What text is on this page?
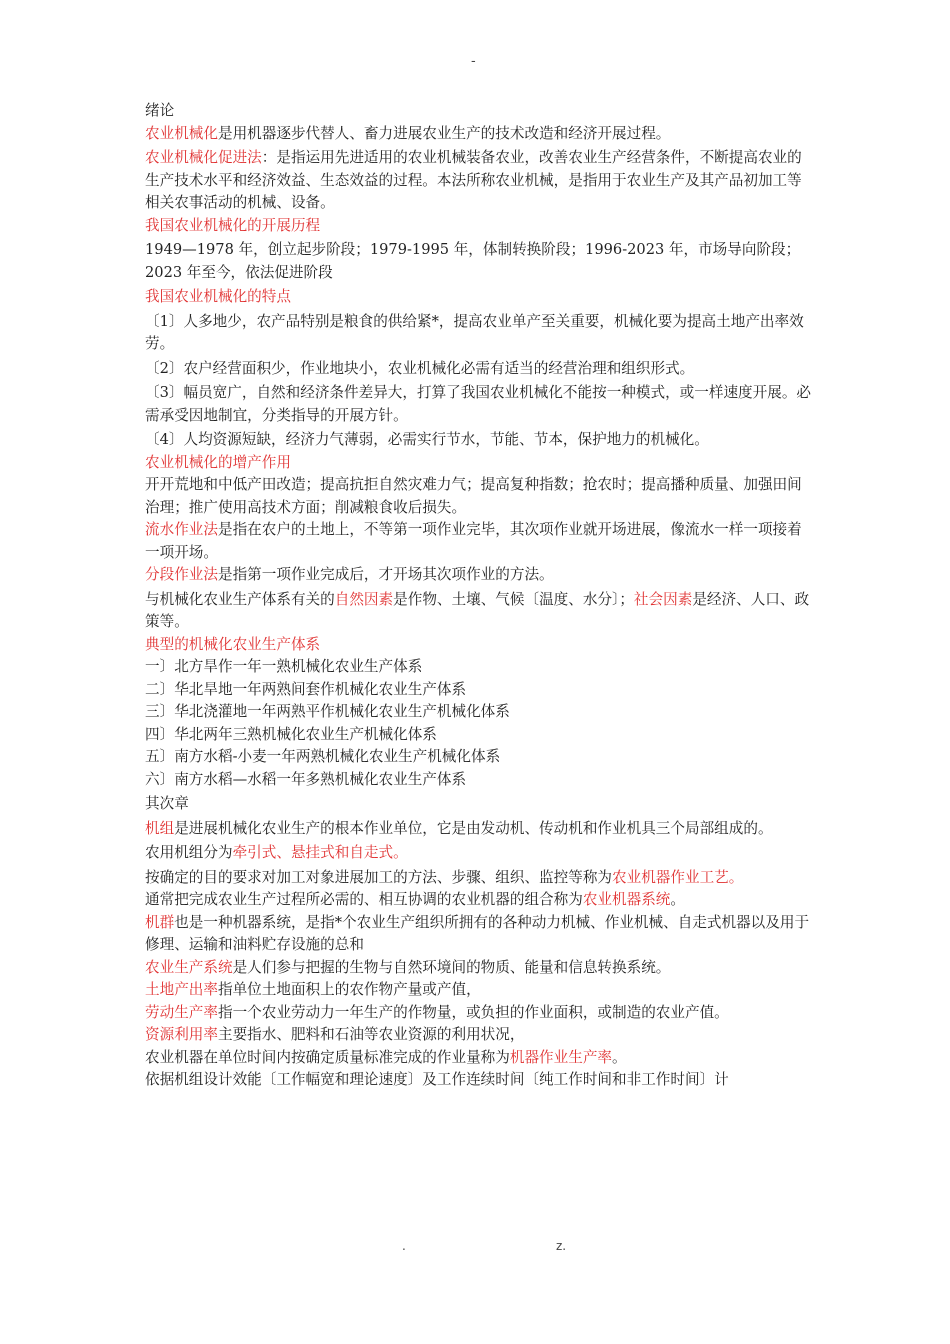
-

绪论

农业机械化是用机器逐步代替人、畜力进展农业生产的技术改造和经济开展过程。

农业机械化促进法：是指运用先进适用的农业机械装备农业，改善农业生产经营条件，不断提高农业的生产技术水平和经济效益、生态效益的过程。本法所称农业机械，是指用于农业生产及其产品初加工等相关农事活动的机械、设备。

我国农业机械化的开展历程

1949—1978 年，创立起步阶段；1979-1995 年，体制转换阶段；1996-2023 年，市场导向阶段；2023 年至今，依法促进阶段

我国农业机械化的特点

〔1〕人多地少，农产品特别是粮食的供给紧*，提高农业单产至关重要，机械化要为提高土地产出率效劳。

〔2〕农户经营面积少，作业地块小，农业机械化必需有适当的经营治理和组织形式。

〔3〕幅员宽广，自然和经济条件差异大，打算了我国农业机械化不能按一种模式，或一样速度开展。必需承受因地制宜，分类指导的开展方针。

〔4〕人均资源短缺，经济力气薄弱，必需实行节水，节能、节本，保护地力的机械化。

农业机械化的增产作用

开开荒地和中低产田改造；提高抗拒自然灾难力气；提高复种指数；抢农时；提高播种质量、加强田间治理；推广使用高技术方面；削减粮食收后损失。

流水作业法是指在农户的土地上，不等第一项作业完毕，其次项作业就开场进展，像流水一样一项接着一项开场。

分段作业法是指第一项作业完成后，才开场其次项作业的方法。

与机械化农业生产体系有关的自然因素是作物、土壤、气候〔温度、水分〕；社会因素是经济、人口、政策等。

典型的机械化农业生产体系

一〕北方旱作一年一熟机械化农业生产体系

二〕华北旱地一年两熟间套作机械化农业生产体系

三〕华北浇灌地一年两熟平作机械化农业生产机械化体系

四〕华北两年三熟机械化农业生产机械化体系

五〕南方水稻-小麦一年两熟机械化农业生产机械化体系

六〕南方水稻—水稻一年多熟机械化农业生产体系

其次章

机组是进展机械化农业生产的根本作业单位，它是由发动机、传动机和作业机具三个局部组成的。

农用机组分为牵引式、悬挂式和自走式。

按确定的目的要求对加工对象进展加工的方法、步骤、组织、监控等称为农业机器作业工艺。

通常把完成农业生产过程所必需的、相互协调的农业机器的组合称为农业机器系统。

机群也是一种机器系统，是指*个农业生产组织所拥有的各种动力机械、作业机械、自走式机器以及用于修理、运输和油料贮存设施的总和

农业生产系统是人们参与把握的生物与自然环境间的物质、能量和信息转换系统。

土地产出率指单位土地面积上的农作物产量或产值，

劳动生产率指一个农业劳动力一年生产的作物量，或负担的作业面积，或制造的农业产值。

资源利用率主要指水、肥料和石油等农业资源的利用状况，

农业机器在单位时间内按确定质量标准完成的作业量称为机器作业生产率。

依据机组设计效能〔工作幅宽和理论速度〕及工作连续时间〔纯工作时间和非工作时间〕计

.	z.
